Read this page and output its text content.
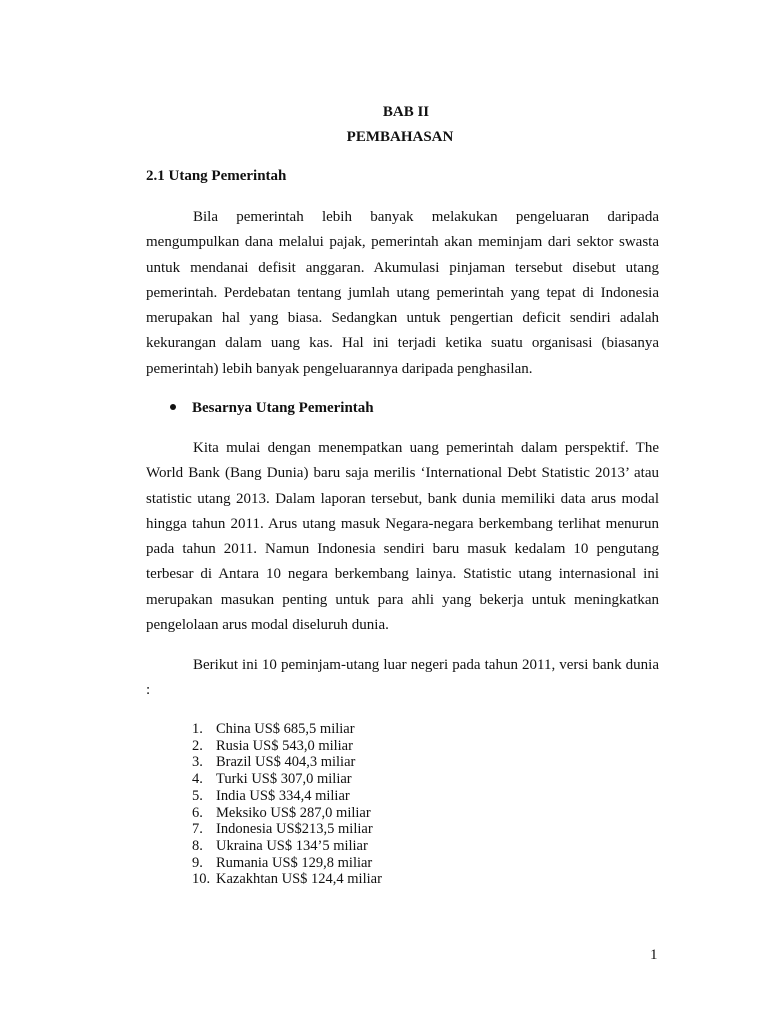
BAB II

PEMBAHASAN

2.1 Utang Pemerintah

Bila pemerintah lebih banyak melakukan pengeluaran daripada mengumpulkan dana melalui pajak, pemerintah akan meminjam dari sektor swasta untuk mendanai defisit anggaran. Akumulasi pinjaman tersebut disebut utang pemerintah. Perdebatan tentang jumlah utang pemerintah yang tepat di Indonesia merupakan hal yang biasa. Sedangkan untuk pengertian deficit sendiri adalah kekurangan dalam uang kas. Hal ini terjadi ketika suatu organisasi (biasanya pemerintah) lebih banyak pengeluarannya daripada penghasilan.

Besarnya Utang Pemerintah

Kita mulai dengan menempatkan uang pemerintah dalam perspektif. The World Bank (Bang Dunia) baru saja merilis ‘International Debt Statistic 2013’ atau statistic utang 2013. Dalam laporan tersebut, bank dunia memiliki data arus modal hingga tahun 2011. Arus utang masuk Negara-negara berkembang terlihat menurun pada tahun 2011. Namun Indonesia sendiri baru masuk kedalam 10 pengutang terbesar di Antara 10 negara berkembang lainya. Statistic utang internasional ini merupakan masukan penting untuk para ahli yang bekerja untuk meningkatkan pengelolaan arus modal diseluruh dunia.

Berikut ini 10 peminjam-utang luar negeri pada tahun 2011, versi bank dunia :

1. China US$ 685,5 miliar
2. Rusia US$ 543,0 miliar
3. Brazil US$ 404,3 miliar
4. Turki US$ 307,0 miliar
5. India US$ 334,4 miliar
6. Meksiko US$ 287,0 miliar
7. Indonesia US$213,5 miliar
8. Ukraina US$ 134’5 miliar
9. Rumania US$ 129,8 miliar
10. Kazakhtan US$ 124,4 miliar

1
